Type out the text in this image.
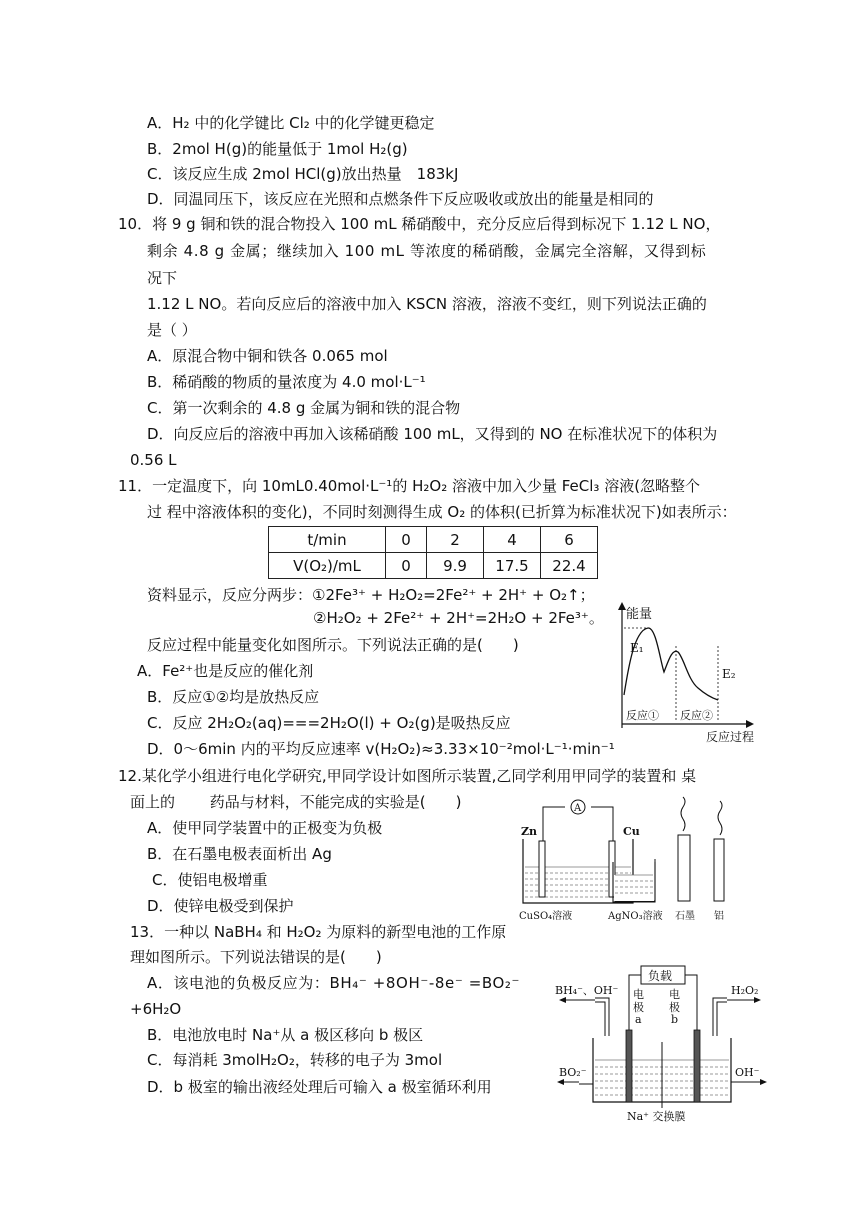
A．H₂ 中的化学键比 Cl₂ 中的化学键更稳定
B．2mol H(g)的能量低于 1mol H₂(g)
C．该反应生成 2mol HCl(g)放出热量　183kJ
D．同温同压下，该反应在光照和点燃条件下反应吸收或放出的能量是相同的
10．将 9 g 铜和铁的混合物投入 100 mL 稀硝酸中，充分反应后得到标况下 1.12 L NO，
剩余 4.8 g 金属；继续加入 100 mL 等浓度的稀硝酸，金属完全溶解，又得到标
况下
1.12 L NO。若向反应后的溶液中加入 KSCN 溶液，溶液不变红，则下列说法正确的
是（ ）
A．原混合物中铜和铁各 0.065 mol
B．稀硝酸的物质的量浓度为 4.0 mol·L⁻¹
C．第一次剩余的 4.8 g 金属为铜和铁的混合物
D．向反应后的溶液中再加入该稀硝酸 100 mL，又得到的 NO 在标准状况下的体积为
0.56 L
11．一定温度下，向 10mL0.40mol·L⁻¹的 H₂O₂ 溶液中加入少量 FeCl₃ 溶液(忽略整个
过 程中溶液体积的变化)，不同时刻测得生成 O₂ 的体积(已折算为标准状况下)如表所示：
t/min	0	2	4	6
V(O₂)/mL	0	9.9	17.5	22.4
资料显示，反应分两步：①2Fe³⁺ + H₂O₂=2Fe²⁺ + 2H⁺ + O₂↑；
②H₂O₂ + 2Fe²⁺ + 2H⁺=2H₂O + 2Fe³⁺。
反应过程中能量变化如图所示。下列说法正确的是(　　)
A．Fe²⁺也是反应的催化剂
B．反应①②均是放热反应
C．反应 2H₂O₂(aq)===2H₂O(l) + O₂(g)是吸热反应
D．0～6min 内的平均反应速率 v(H₂O₂)≈3.33×10⁻²mol·L⁻¹·min⁻¹
能量
E₁
E₂
反应① 反应②
反应过程
12.某化学小组进行电化学研究,甲同学设计如图所示装置,乙同学利用甲同学的装置和 桌
面上的　　 药品与材料，不能完成的实验是(　　)
A．使甲同学装置中的正极变为负极
B．在石墨电极表面析出 Ag
C．使铝电极增重
D．使锌电极受到保护
A
Zn	Cu
CuSO₄溶液	AgNO₃溶液 石墨 铝
13．一种以 NaBH₄ 和 H₂O₂ 为原料的新型电池的工作原
理如图所示。下列说法错误的是(　　)
A．该电池的负极反应为：BH₄⁻ +8OH⁻-8e⁻ =BO₂⁻
+6H₂O
B．电池放电时 Na⁺从 a 极区移向 b 极区
C．每消耗 3molH₂O₂，转移的电子为 3mol
D．b 极室的输出液经处理后可输入 a 极室循环利用
负载
电
极
a
电
极
b
BH₄⁻、OH⁻	H₂O₂
BO₂⁻	OH⁻
Na⁺ 交换膜
